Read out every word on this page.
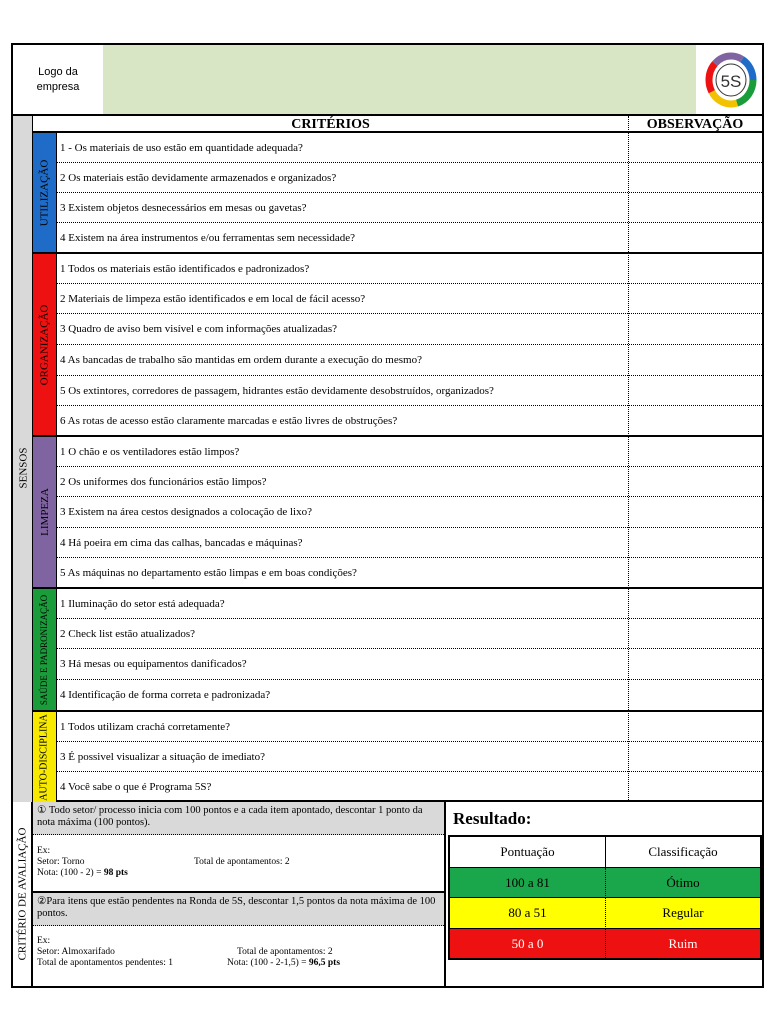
Logo da
empresa	5S
CRITÉRIOS	OBSERVAÇÃO
SENSOS
UTILIZAÇÃO
1 - Os materiais de uso estão em quantidade adequada?
2 Os materiais estão devidamente armazenados e organizados?
3 Existem objetos desnecessários em mesas ou gavetas?
4 Existem na área instrumentos e/ou ferramentas sem necessidade?
ORGANIZAÇÃO
1 Todos os materiais estão identificados e padronizados?
2 Materiais de limpeza estão identificados e em local de fácil acesso?
3 Quadro de aviso bem visível e com informações atualizadas?
4 As bancadas de trabalho são mantidas em ordem durante a execução do mesmo?
5 Os extintores, corredores de passagem, hidrantes estão devidamente desobstruídos, organizados?
6 As rotas de acesso estão claramente marcadas e estão livres de obstruções?
LIMPEZA
1 O chão e os ventiladores estão limpos?
2 Os uniformes dos funcionários estão limpos?
3 Existem na área cestos designados a colocação de lixo?
4 Há poeira em cima das calhas, bancadas e máquinas?
5 As máquinas no departamento estão limpas e em boas condições?
SAÚDE E PADRONIZAÇÃO 1 Iluminação do setor está adequada?
2 Check list estão atualizados?
3 Há mesas ou equipamentos danificados?
4 Identificação de forma correta e padronizada?
AUTO-DISCIPLINA 1 Todos utilizam crachá corretamente?
3 É possivel visualizar a situação de imediato?
4 Você sabe o que é Programa 5S?
CRITÉRIO DE AVALIAÇÃO
① Todo setor/ processo inicia com 100 pontos e a cada item apontado, descontar 1 ponto da nota máxima (100 pontos).
Ex:
Setor: Torno	Total de apontamentos: 2
Nota: (100 - 2) = 98 pts
②Para itens que estão pendentes na Ronda de 5S, descontar 1,5 pontos da nota máxima de 100 pontos.
Ex:
Setor: Almoxarifado	Total de apontamentos: 2
Total de apontamentos pendentes: 1	Nota: (100 - 2-1,5) = 96,5 pts
Resultado:
Pontuação	Classificação
100 a 81	Ótimo
80 a 51	Regular
50 a 0	Ruim
